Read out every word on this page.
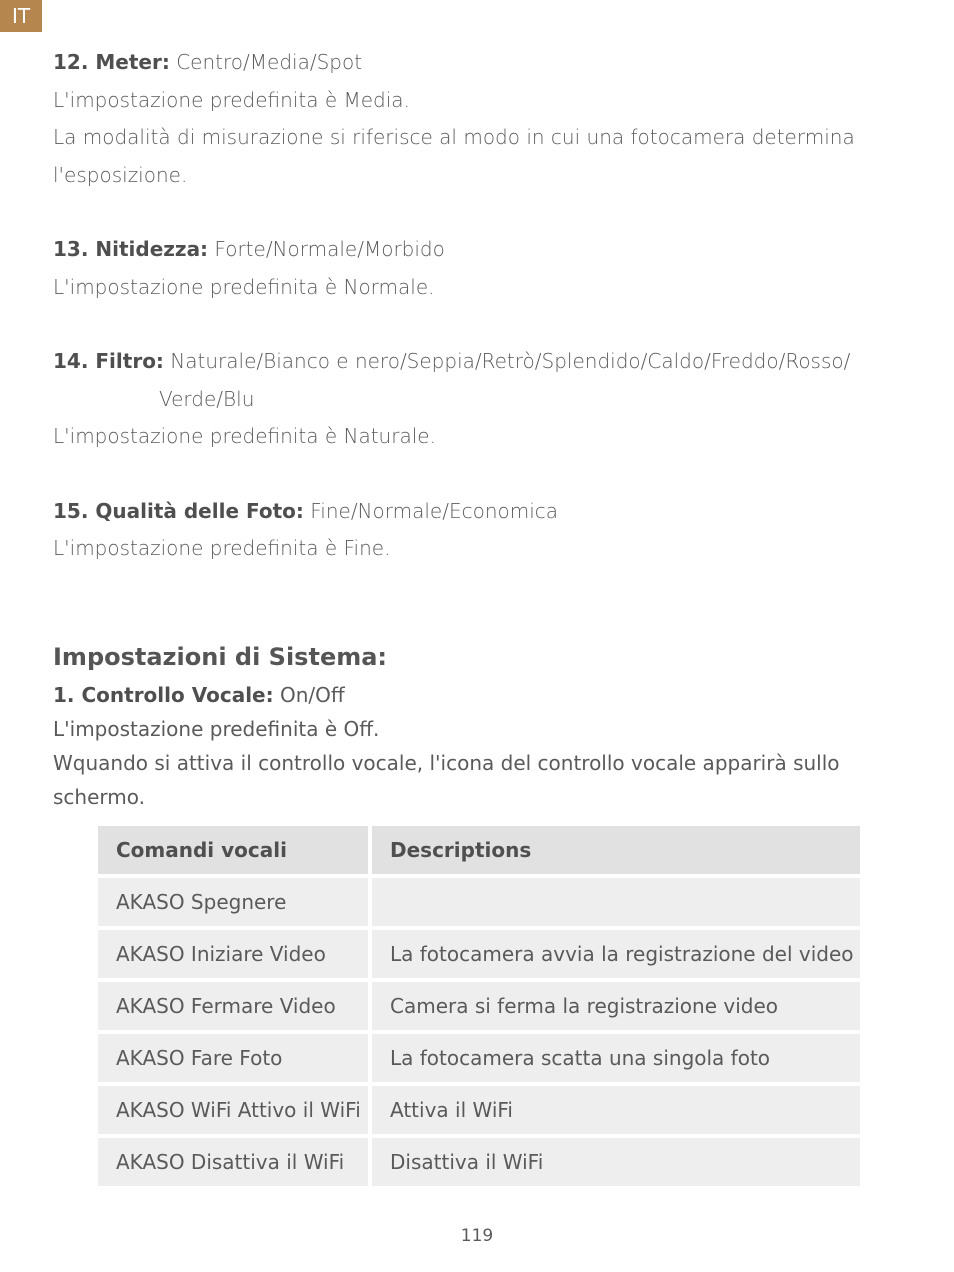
IT

12. Meter: Centro/Media/Spot

L'impostazione predefinita è Media.

La modalità di misurazione si riferisce al modo in cui una fotocamera determina

l'esposizione.

13. Nitidezza: Forte/Normale/Morbido

L'impostazione predefinita è Normale.

14. Filtro: Naturale/Bianco e nero/Seppia/Retrò/Splendido/Caldo/Freddo/Rosso/

Verde/Blu

L'impostazione predefinita è Naturale.

15. Qualità delle Foto: Fine/Normale/Economica

L'impostazione predefinita è Fine.

Impostazioni di Sistema:

1. Controllo Vocale: On/Off

L'impostazione predefinita è Off.

Wquando si attiva il controllo vocale, l'icona del controllo vocale apparirà sullo

schermo.

Comandi vocali	Descriptions
AKASO Spegnere	
AKASO Iniziare Video	La fotocamera avvia la registrazione del video
AKASO Fermare Video	Camera si ferma la registrazione video
AKASO Fare Foto	La fotocamera scatta una singola foto
AKASO WiFi Attivo il WiFi	Attiva il WiFi
AKASO Disattiva il WiFi	Disattiva il WiFi
119
